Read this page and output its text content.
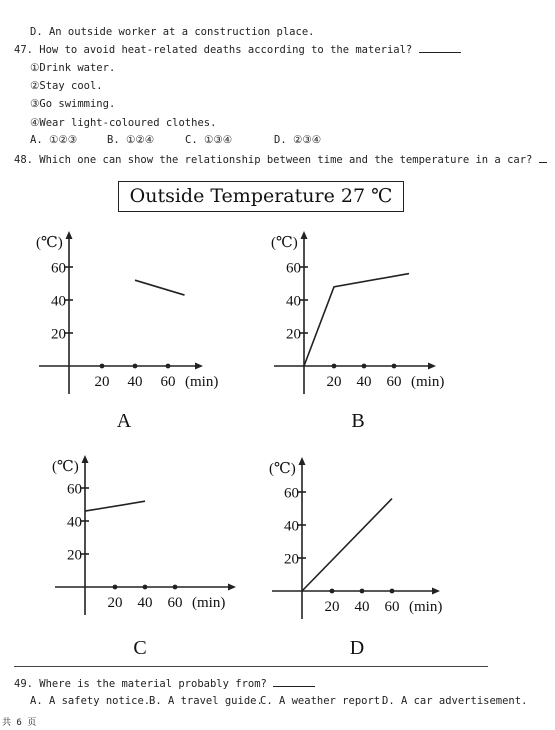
D. An outside worker at a construction place.
47. How to avoid heat-related deaths according to the material?
①Drink water.
②Stay cool.
③Go swimming.
④Wear light-coloured clothes.
A. ①②③	B. ①②④	C. ①③④	D. ②③④
48. Which one can show the relationship between time and the temperature in a car?
Outside Temperature 27 ℃
(℃)
20
40
60
20 40 60 (min)
A
(℃)
20
40
60
20 40 60 (min)
B
(℃)
20
40
60
20 40 60 (min)
C
(℃)
20
40
60
20 40 60 (min)
D
49. Where is the material probably from?
A. A safety notice.
B. A travel guide.
C. A weather report.
D. A car advertisement.
共 6 页
